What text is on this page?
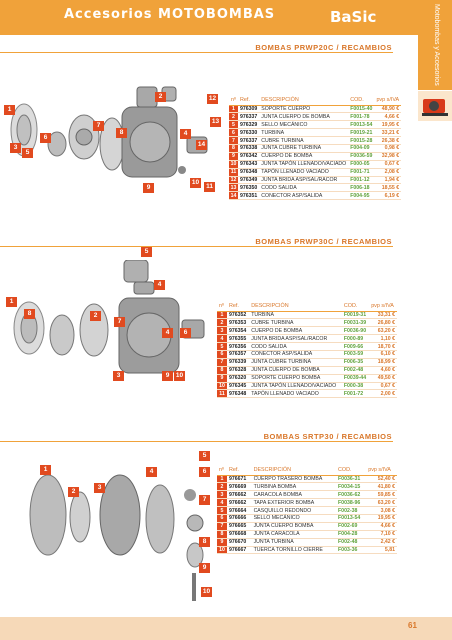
Accesorios MOTOBOMBAS	BaSic	Motobombas y Accesorios
BOMBAS PRWP20C / RECAMBIOS
1
2
3
4
5
6
7
8
9
10
11
12
13
14
nº	Ref.	DESCRIPCIÓN	COD.	pvp s/IVA
1	976309	SOPORTE CUERPO	F0015-40	48,90 €
2	976337	JUNTA CUERPO DE BOMBA	F001-78	4,66 €
5	976329	SELLO MECÁNICO	F0013-54	19,95 €
6	976330	TURBINA	F0019-21	33,21 €
7	976337	CUBRE TURBINA	F0015-28	26,38 €
8	976338	JUNTA CUBRE TURBINA	F004-09	0,98 €
9	976342	CUERPO DE BOMBA	F0036-59	32,98 €
10	976343	JUNTA TAPÓN LLENADO/VACIADO	F000-05	0,67 €
11	976348	TAPÓN LLENADO VACIADO	F001-71	2,08 €
12	976349	JUNTA BRIDA ASP/SAL/RACOR	F001-12	1,94 €
13	976350	CODO SALIDA	F006-18	18,55 €
14	976351	CONECTOR ASP/SALIDA	F004-95	6,19 €
BOMBAS PRWP30C / RECAMBIOS
1
2
3
4
4
5
6
7
8
9	10
nº	Ref.	DESCRIPCIÓN	COD.	pvp s/IVA
1	976352	TURBINA	F0019-31	33,31 €
2	976353	CUBRE TURBINA	F0031-39	26,80 €
3	976354	CUERPO DE BOMBA	F0036-90	63,20 €
4	976355	JUNTA BRIDA ASP/SAL/RACOR	F000-89	1,10 €
5	976356	CODO SALIDA	F009-66	18,70 €
6	976357	CONECTOR ASP/SALIDA	F003-59	6,10 €
7	976339	JUNTA CUBRE TURBINA	F006-35	18,99 €
8	976328	JUNTA CUERPO DE BOMBA	F002-48	4,60 €
9	976320	SOPORTE CUERPO BOMBA	F0039-44	49,50 €
10	976345	JUNTA TAPÓN LLENADO/VACIADO	F000-38	0,67 €
11	976348	TAPÓN LLENADO VACIADO	F001-72	2,00 €
BOMBAS SRTP30 / RECAMBIOS
1
2
3
4
5
6
7
8
9
10
nº	Ref.	DESCRIPCIÓN	COD.	pvp s/IVA
1	976671	CUERPO TRASERO BOMBA	F0036-31	52,40 €
2	976669	TURBINA BOMBA	F0034-15	41,80 €
3	976662	CARACOLA BOMBA	F0036-62	59,85 €
4	976662	TAPA EXTERIOR BOMBA	F0038-96	63,20 €
5	976664	CASQUILLO REDONDO	F002-38	3,08 €
6	976666	SELLO MECÁNICO	F0013-54	19,95 €
7	976665	JUNTA CUERPO BOMBA	F002-69	4,66 €
8	976668	JUNTA CARACOLA	F004-28	7,10 €
9	976670	JUNTA TURBINA	F002-48	2,42 €
10	976667	TUERCA TORNILLO CIERRE	F003-36	5,81
61
